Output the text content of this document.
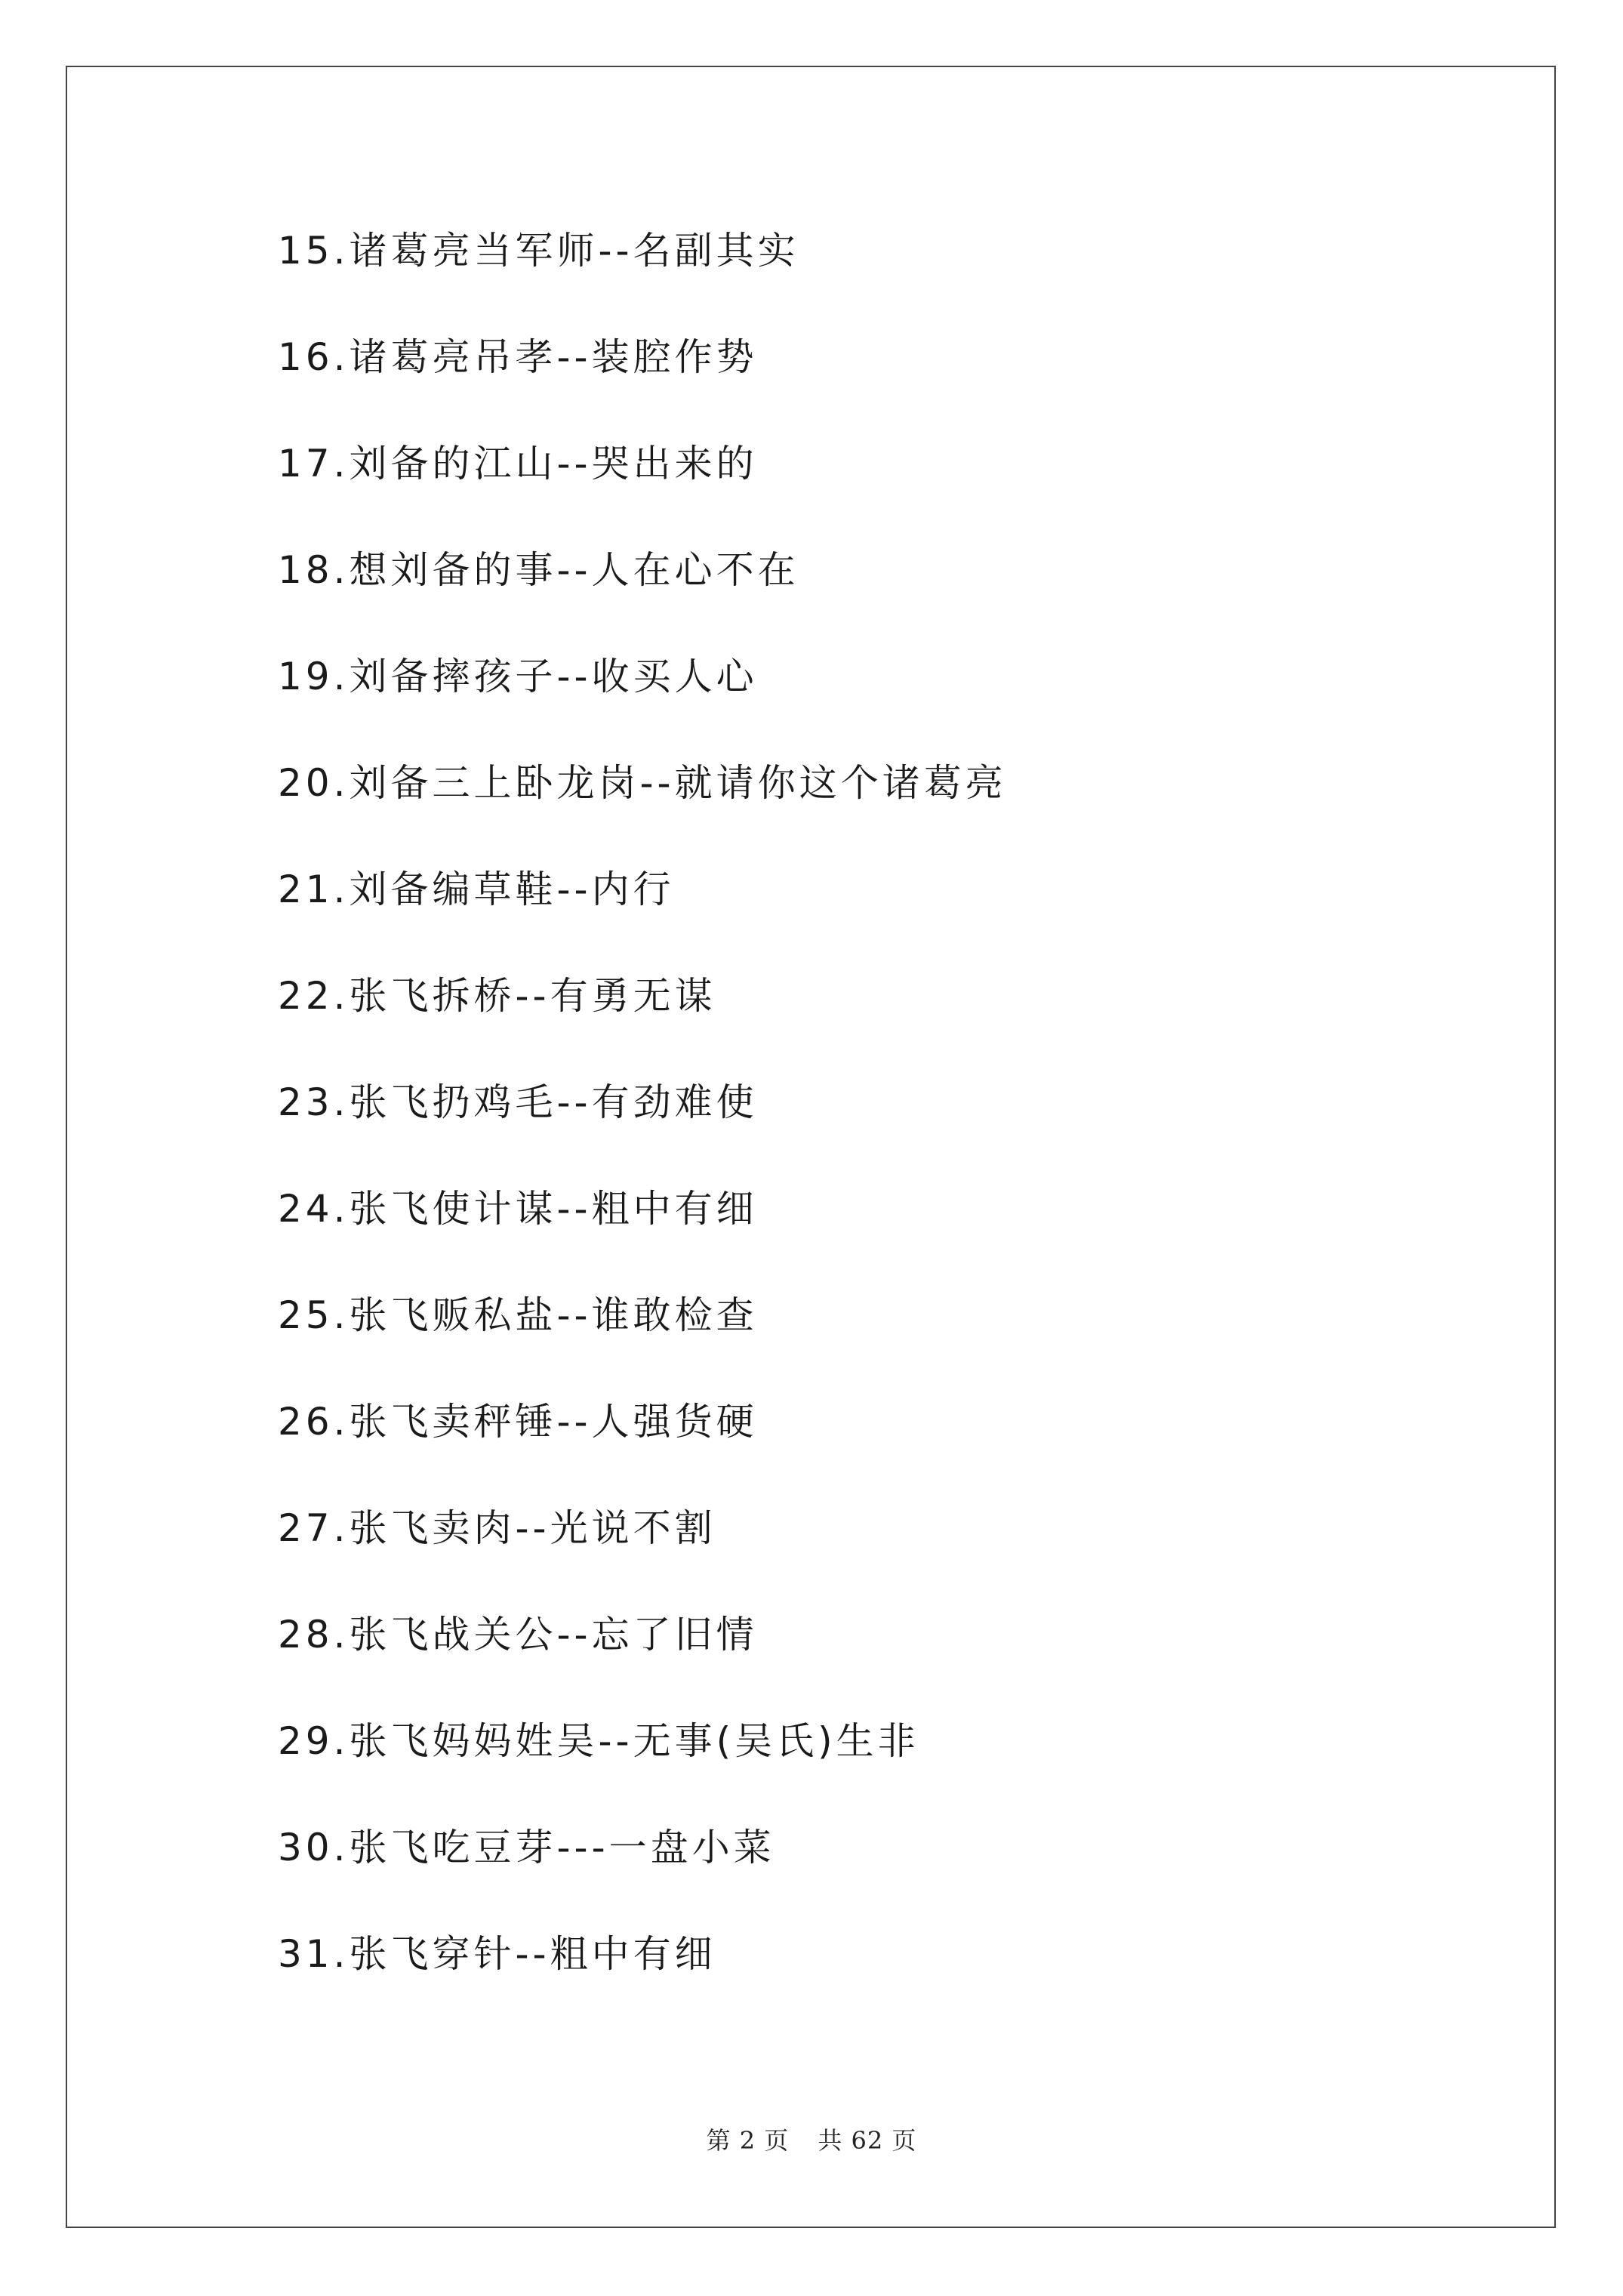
15.诸葛亮当军师--名副其实
16.诸葛亮吊孝--装腔作势
17.刘备的江山--哭出来的
18.想刘备的事--人在心不在
19.刘备摔孩子--收买人心
20.刘备三上卧龙岗--就请你这个诸葛亮
21.刘备编草鞋--内行
22.张飞拆桥--有勇无谋
23.张飞扔鸡毛--有劲难使
24.张飞使计谋--粗中有细
25.张飞贩私盐--谁敢检查
26.张飞卖秤锤--人强货硬
27.张飞卖肉--光说不割
28.张飞战关公--忘了旧情
29.张飞妈妈姓吴--无事(吴氏)生非
30.张飞吃豆芽---一盘小菜
31.张飞穿针--粗中有细
第 2 页 共 62 页
